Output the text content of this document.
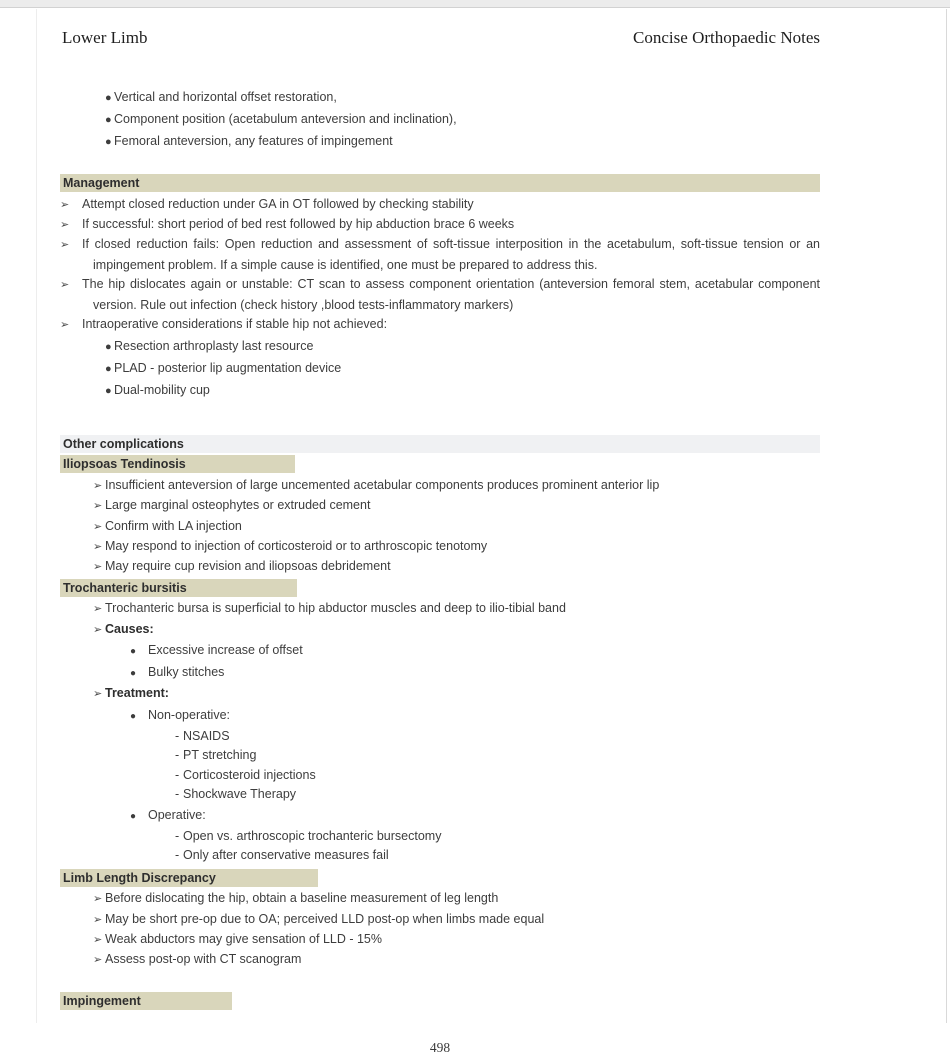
Lower Limb	Concise Orthopaedic Notes
● Vertical and horizontal offset restoration,
● Component position (acetabulum anteversion and inclination),
● Femoral anteversion, any features of impingement
Management
➢ Attempt closed reduction under GA in OT followed by checking stability
➢ If successful: short period of bed rest followed by hip abduction brace 6 weeks
➢ If closed reduction fails: Open reduction and assessment of soft-tissue interposition in the acetabulum, soft-tissue tension or an impingement problem. If a simple cause is identified, one must be prepared to address this.
➢ The hip dislocates again or unstable: CT scan to assess component orientation (anteversion femoral stem, acetabular component version. Rule out infection (check history ,blood tests-inflammatory markers)
➢ Intraoperative considerations if stable hip not achieved:
● Resection arthroplasty last resource
● PLAD - posterior lip augmentation device
● Dual-mobility cup
Other complications
Iliopsoas Tendinosis
➢ Insufficient anteversion of large uncemented acetabular components produces prominent anterior lip
➢ Large marginal osteophytes or extruded cement
➢ Confirm with LA injection
➢ May respond to injection of corticosteroid or to arthroscopic tenotomy
➢ May require cup revision and iliopsoas debridement
Trochanteric bursitis
➢ Trochanteric bursa is superficial to hip abductor muscles and deep to ilio-tibial band
➢ Causes:
● Excessive increase of offset
● Bulky stitches
➢ Treatment:
● Non-operative:
- NSAIDS
- PT stretching
- Corticosteroid injections
- Shockwave Therapy
● Operative:
- Open vs. arthroscopic trochanteric bursectomy
- Only after conservative measures fail
Limb Length Discrepancy
➢ Before dislocating the hip, obtain a baseline measurement of leg length
➢ May be short pre-op due to OA; perceived LLD post-op when limbs made equal
➢ Weak abductors may give sensation of LLD - 15%
➢ Assess post-op with CT scanogram
Impingement
498
